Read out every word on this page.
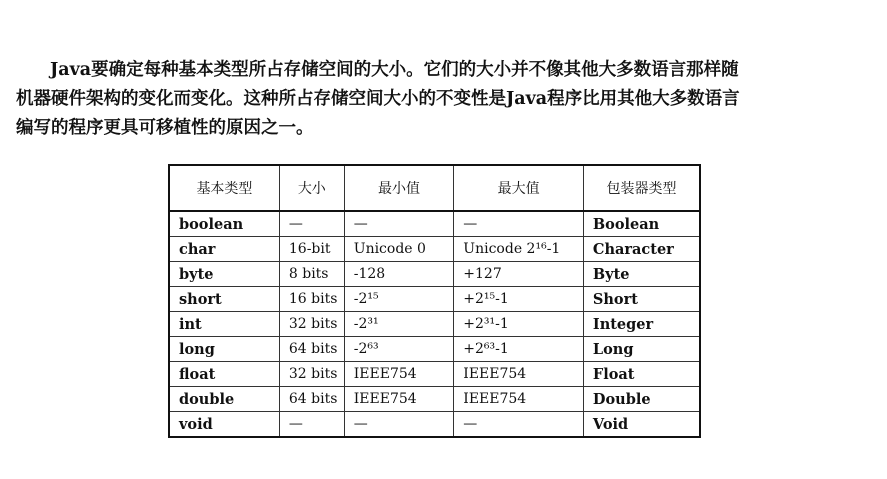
Java要确定每种基本类型所占存储空间的大小。它们的大小并不像其他大多数语言那样随
机器硬件架构的变化而变化。这种所占存储空间大小的不变性是Java程序比用其他大多数语言
编写的程序更具可移植性的原因之一。

基本类型	大小	最小值	最大值	包装器类型
boolean	—	—	—	Boolean
char	16-bit	Unicode 0	Unicode 2¹⁶-1	Character
byte	8 bits	-128	+127	Byte
short	16 bits	-2¹⁵	+2¹⁵-1	Short
int	32 bits	-2³¹	+2³¹-1	Integer
long	64 bits	-2⁶³	+2⁶³-1	Long
float	32 bits	IEEE754	IEEE754	Float
double	64 bits	IEEE754	IEEE754	Double
void	—	—	—	Void
